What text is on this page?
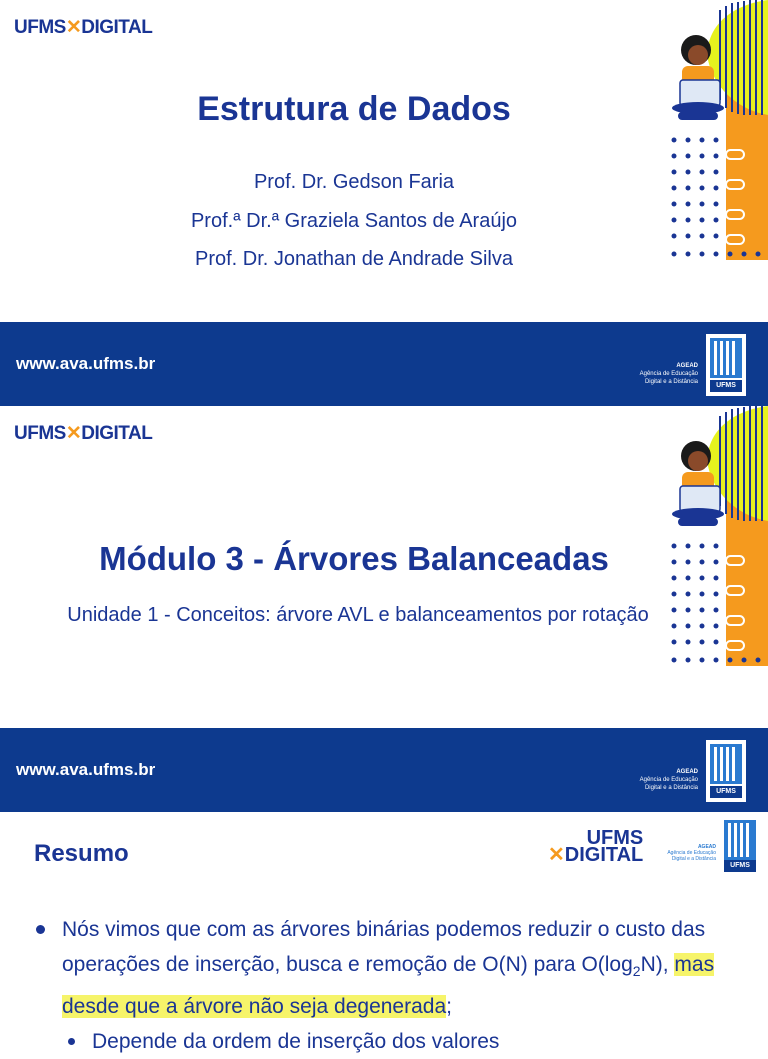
UFMS✕DIGITAL
Estrutura de Dados
Prof. Dr. Gedson Faria
Prof.ª Dr.ª Graziela Santos de Araújo
Prof. Dr. Jonathan de Andrade Silva
www.ava.ufms.br	AGEAD
Agência de Educação
Digital e a Distância	UFMS
UFMS✕DIGITAL
Módulo 3 - Árvores Balanceadas
Unidade 1 - Conceitos: árvore AVL e balanceamentos por rotação
www.ava.ufms.br	AGEAD
Agência de Educação
Digital e a Distância	UFMS
Resumo
UFMS
✕DIGITAL	AGEAD
Agência de Educação
Digital e a Distância
UFMS
Nós vimos que com as árvores binárias podemos reduzir o custo das operações de inserção, busca e remoção de O(N) para $O(\log_2N)$, mas desde que a árvore não seja degenerada;
Depende da ordem de inserção dos valores
